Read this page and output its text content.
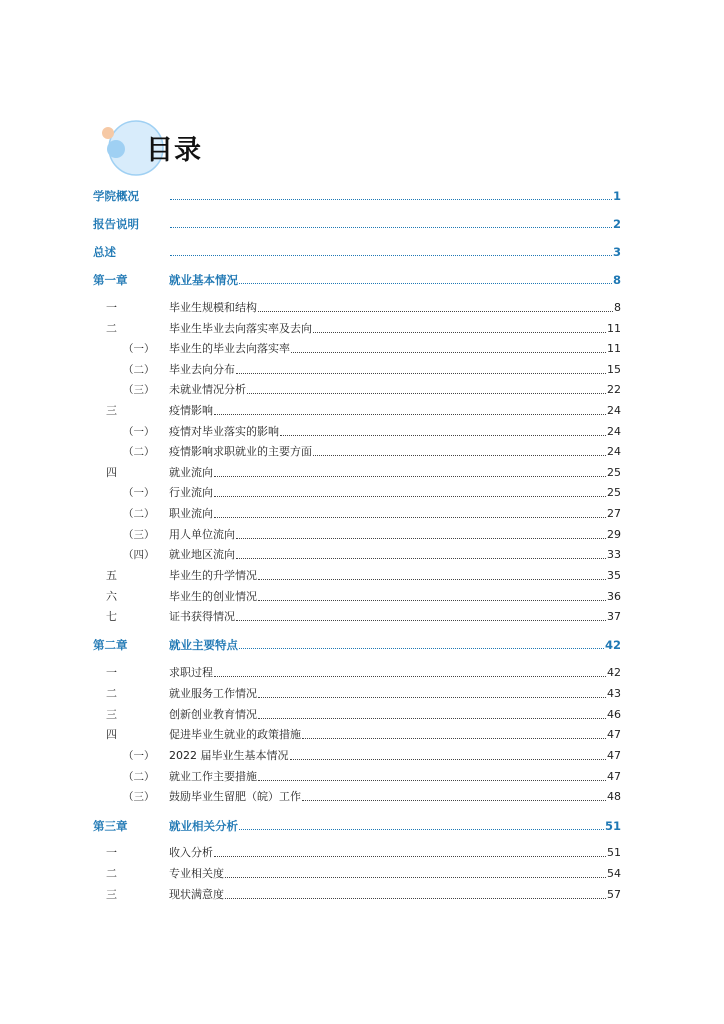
目录
学院概况	1
报告说明	2
总述	3
第一章	就业基本情况	8
一	毕业生规模和结构	8
二	毕业生毕业去向落实率及去向	11
（一）	毕业生的毕业去向落实率	11
（二）	毕业去向分布	15
（三）	未就业情况分析	22
三	疫情影响	24
（一）	疫情对毕业落实的影响	24
（二）	疫情影响求职就业的主要方面	24
四	就业流向	25
（一）	行业流向	25
（二）	职业流向	27
（三）	用人单位流向	29
（四）	就业地区流向	33
五	毕业生的升学情况	35
六	毕业生的创业情况	36
七	证书获得情况	37
第二章	就业主要特点	42
一	求职过程	42
二	就业服务工作情况	43
三	创新创业教育情况	46
四	促进毕业生就业的政策措施	47
（一）	2022 届毕业生基本情况	47
（二）	就业工作主要措施	47
（三）	鼓励毕业生留肥（皖）工作	48
第三章	就业相关分析	51
一	收入分析	51
二	专业相关度	54
三	现状满意度	57
